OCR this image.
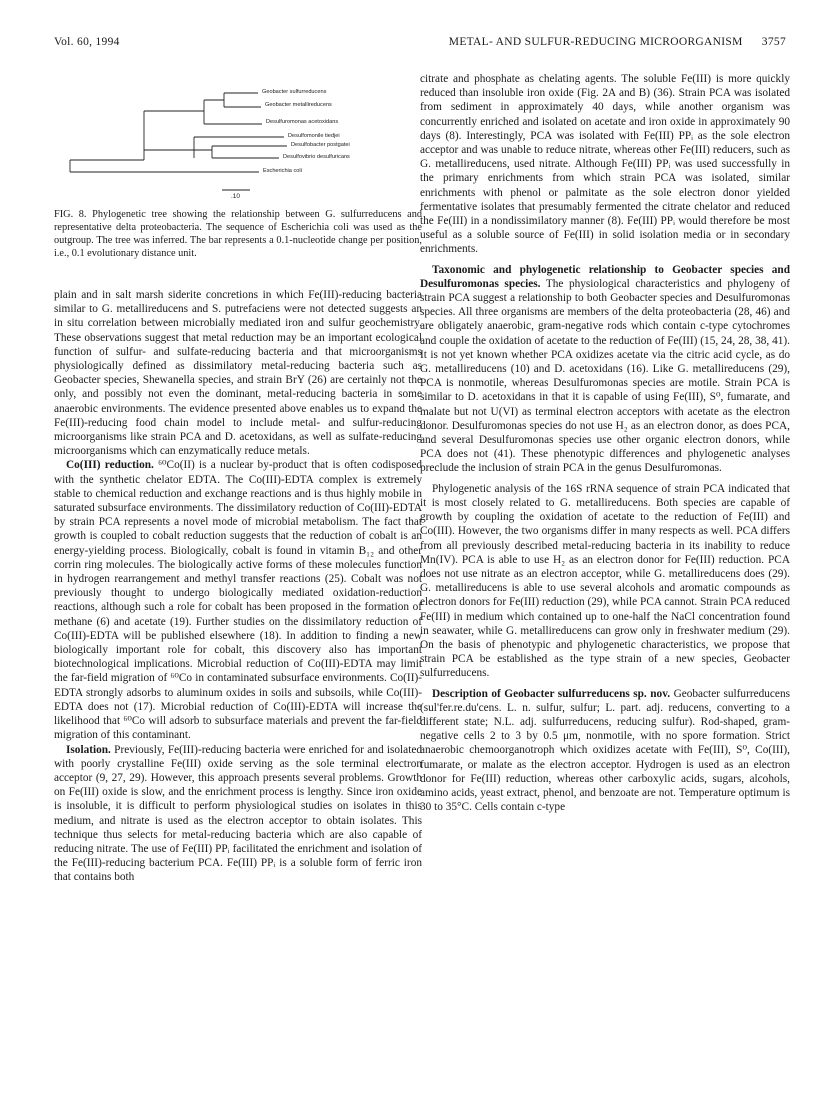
Vol. 60, 1994	METAL- AND SULFUR-REDUCING MICROORGANISM 3757
Geobacter sulfurreducens
Geobacter metallireducens
Desulfuromonas acetoxidans
Desulfomonile tiedjei
Desulfobacter postgatei
Desulfovibrio desulfuricans
Escherichia coli
.10

FIG. 8. Phylogenetic tree showing the relationship between G. sulfurreducens and representative delta proteobacteria. The sequence of Escherichia coli was used as the outgroup. The tree was inferred. The bar represents a 0.1-nucleotide change per position, i.e., 0.1 evolutionary distance unit.

plain and in salt marsh siderite concretions in which Fe(III)-reducing bacteria similar to G. metallireducens and S. putrefaciens were not detected suggests an in situ correlation between microbially mediated iron and sulfur geochemistry. These observations suggest that metal reduction may be an important ecological function of sulfur- and sulfate-reducing bacteria and that microorganisms physiologically defined as dissimilatory metal-reducing bacteria such as Geobacter species, Shewanella species, and strain BrY (26) are certainly not the only, and possibly not even the dominant, metal-reducing bacteria in some anaerobic environments. The evidence presented above enables us to expand the Fe(III)-reducing food chain model to include metal- and sulfur-reducing microorganisms like strain PCA and D. acetoxidans, as well as sulfate-reducing microorganisms which can enzymatically reduce metals.

Co(III) reduction. ⁶⁰Co(II) is a nuclear by-product that is often codisposed with the synthetic chelator EDTA. The Co(III)-EDTA complex is extremely stable to chemical reduction and exchange reactions and is thus highly mobile in saturated subsurface environments. The dissimilatory reduction of Co(III)-EDTA by strain PCA represents a novel mode of microbial metabolism. The fact that growth is coupled to cobalt reduction suggests that the reduction of cobalt is an energy-yielding process. Biologically, cobalt is found in vitamin B₁₂ and other corrin ring molecules. The biologically active forms of these molecules function in hydrogen rearrangement and methyl transfer reactions (25). Cobalt was not previously thought to undergo biologically mediated oxidation-reduction reactions, although such a role for cobalt has been proposed in the formation of methane (6) and acetate (19). Further studies on the dissimilatory reduction of Co(III)-EDTA will be published elsewhere (18). In addition to finding a new biologically important role for cobalt, this discovery also has important biotechnological implications. Microbial reduction of Co(III)-EDTA may limit the far-field migration of ⁶⁰Co in contaminated subsurface environments. Co(II)-EDTA strongly adsorbs to aluminum oxides in soils and subsoils, while Co(III)-EDTA does not (17). Microbial reduction of Co(III)-EDTA will increase the likelihood that ⁶⁰Co will adsorb to subsurface materials and prevent the far-field migration of this contaminant.

Isolation. Previously, Fe(III)-reducing bacteria were enriched for and isolated with poorly crystalline Fe(III) oxide serving as the sole terminal electron acceptor (9, 27, 29). However, this approach presents several problems. Growth on Fe(III) oxide is slow, and the enrichment process is lengthy. Since iron oxide is insoluble, it is difficult to perform physiological studies on isolates in this medium, and nitrate is used as the electron acceptor to obtain isolates. This technique thus selects for metal-reducing bacteria which are also capable of reducing nitrate. The use of Fe(III) PPᵢ facilitated the enrichment and isolation of the Fe(III)-reducing bacterium PCA. Fe(III) PPᵢ is a soluble form of ferric iron that contains both

citrate and phosphate as chelating agents. The soluble Fe(III) is more quickly reduced than insoluble iron oxide (Fig. 2A and B) (36). Strain PCA was isolated from sediment in approximately 40 days, while another organism was concurrently enriched and isolated on acetate and iron oxide in approximately 90 days (8). Interestingly, PCA was isolated with Fe(III) PPᵢ as the sole electron acceptor and was unable to reduce nitrate, whereas other Fe(III) reducers, such as G. metallireducens, used nitrate. Although Fe(III) PPᵢ was used successfully in the primary enrichments from which strain PCA was isolated, similar enrichments with phenol or palmitate as the sole electron donor yielded fermentative isolates that presumably fermented the citrate chelator and reduced the Fe(III) in a nondissimilatory manner (8). Fe(III) PPᵢ would therefore be most useful as a soluble source of Fe(III) in solid isolation media or in secondary enrichments.

Taxonomic and phylogenetic relationship to Geobacter species and Desulfuromonas species. The physiological characteristics and phylogeny of strain PCA suggest a relationship to both Geobacter species and Desulfuromonas species. All three organisms are members of the delta proteobacteria (28, 46) and are obligately anaerobic, gram-negative rods which contain c-type cytochromes and couple the oxidation of acetate to the reduction of Fe(III) (15, 24, 28, 38, 41). It is not yet known whether PCA oxidizes acetate via the citric acid cycle, as do G. metallireducens (10) and D. acetoxidans (16). Like G. metallireducens (29), PCA is nonmotile, whereas Desulfuromonas species are motile. Strain PCA is similar to D. acetoxidans in that it is capable of using Fe(III), S⁰, fumarate, and malate but not U(VI) as terminal electron acceptors with acetate as the electron donor. Desulfuromonas species do not use H₂ as an electron donor, as does PCA, and several Desulfuromonas species use other organic electron donors, while PCA does not (41). These phenotypic differences and phylogenetic analyses preclude the inclusion of strain PCA in the genus Desulfuromonas.

Phylogenetic analysis of the 16S rRNA sequence of strain PCA indicated that it is most closely related to G. metallireducens. Both species are capable of growth by coupling the oxidation of acetate to the reduction of Fe(III) and Co(III). However, the two organisms differ in many respects as well. PCA differs from all previously described metal-reducing bacteria in its inability to reduce Mn(IV). PCA is able to use H₂ as an electron donor for Fe(III) reduction. PCA does not use nitrate as an electron acceptor, while G. metallireducens does (29). G. metallireducens is able to use several alcohols and aromatic compounds as electron donors for Fe(III) reduction (29), while PCA cannot. Strain PCA reduced Fe(III) in medium which contained up to one-half the NaCl concentration found in seawater, while G. metallireducens can grow only in freshwater medium (29). On the basis of phenotypic and phylogenetic characteristics, we propose that strain PCA be established as the type strain of a new species, Geobacter sulfurreducens.

Description of Geobacter sulfurreducens sp. nov. Geobacter sulfurreducens (sul'fer.re.du'cens. L. n. sulfur, sulfur; L. part. adj. reducens, converting to a different state; N.L. adj. sulfurreducens, reducing sulfur). Rod-shaped, gram-negative cells 2 to 3 by 0.5 μm, nonmotile, with no spore formation. Strict anaerobic chemoorganotroph which oxidizes acetate with Fe(III), S⁰, Co(III), fumarate, or malate as the electron acceptor. Hydrogen is used as an electron donor for Fe(III) reduction, whereas other carboxylic acids, sugars, alcohols, amino acids, yeast extract, phenol, and benzoate are not. Temperature optimum is 30 to 35°C. Cells contain c-type
